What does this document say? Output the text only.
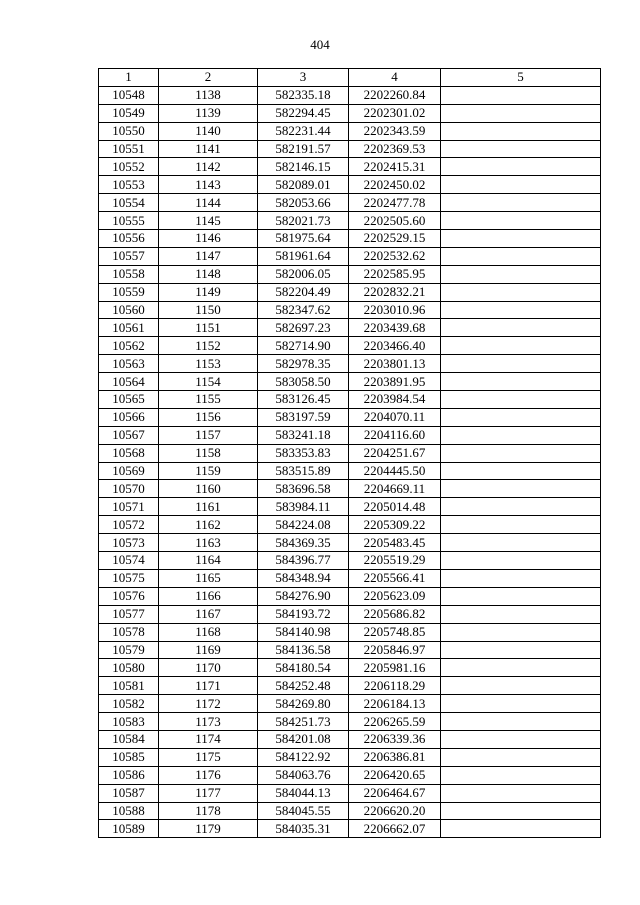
404
1	2	3	4	5
10548	1138	582335.18	2202260.84	
10549	1139	582294.45	2202301.02	
10550	1140	582231.44	2202343.59	
10551	1141	582191.57	2202369.53	
10552	1142	582146.15	2202415.31	
10553	1143	582089.01	2202450.02	
10554	1144	582053.66	2202477.78	
10555	1145	582021.73	2202505.60	
10556	1146	581975.64	2202529.15	
10557	1147	581961.64	2202532.62	
10558	1148	582006.05	2202585.95	
10559	1149	582204.49	2202832.21	
10560	1150	582347.62	2203010.96	
10561	1151	582697.23	2203439.68	
10562	1152	582714.90	2203466.40	
10563	1153	582978.35	2203801.13	
10564	1154	583058.50	2203891.95	
10565	1155	583126.45	2203984.54	
10566	1156	583197.59	2204070.11	
10567	1157	583241.18	2204116.60	
10568	1158	583353.83	2204251.67	
10569	1159	583515.89	2204445.50	
10570	1160	583696.58	2204669.11	
10571	1161	583984.11	2205014.48	
10572	1162	584224.08	2205309.22	
10573	1163	584369.35	2205483.45	
10574	1164	584396.77	2205519.29	
10575	1165	584348.94	2205566.41	
10576	1166	584276.90	2205623.09	
10577	1167	584193.72	2205686.82	
10578	1168	584140.98	2205748.85	
10579	1169	584136.58	2205846.97	
10580	1170	584180.54	2205981.16	
10581	1171	584252.48	2206118.29	
10582	1172	584269.80	2206184.13	
10583	1173	584251.73	2206265.59	
10584	1174	584201.08	2206339.36	
10585	1175	584122.92	2206386.81	
10586	1176	584063.76	2206420.65	
10587	1177	584044.13	2206464.67	
10588	1178	584045.55	2206620.20	
10589	1179	584035.31	2206662.07	
